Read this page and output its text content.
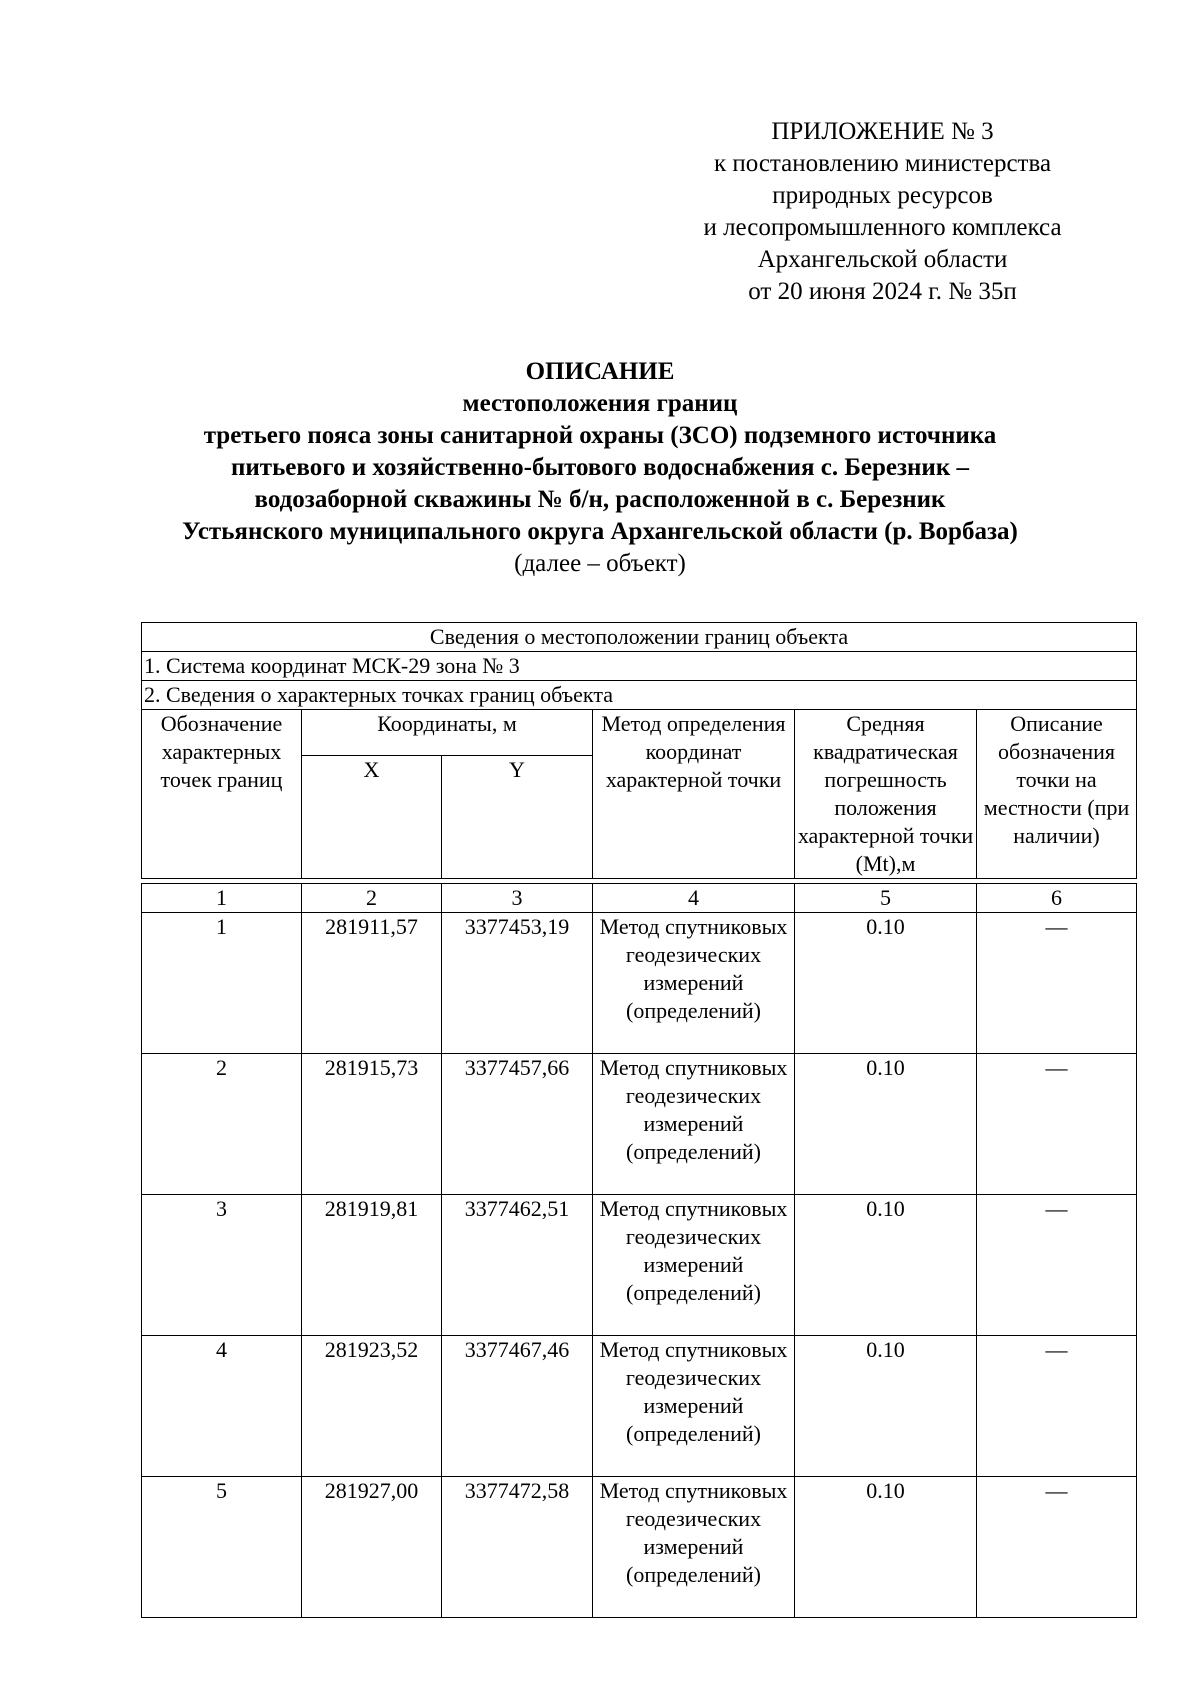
ПРИЛОЖЕНИЕ № 3
к постановлению министерства
природных ресурсов
и лесопромышленного комплекса
Архангельской области
от 20 июня 2024 г. № 35п
ОПИСАНИЕ
местоположения границ
третьего пояса зоны санитарной охраны (ЗСО) подземного источника
питьевого и хозяйственно-бытового водоснабжения с. Березник –
водозаборной скважины № б/н, расположенной в с. Березник
Устьянского муниципального округа Архангельской области (р. Ворбаза)
(далее – объект)
Сведения о местоположении границ объекта					
1. Система координат МСК-29 зона № 3					
2. Сведения о характерных точках границ объекта					
Обозначение характерных точек границ	Координаты, м		Метод определения координат характерной точки	Средняя квадратическая погрешность положения характерной точки (Mt),м	Описание обозначения точки на местности (при наличии)
	X	Y			
1	2	3	4	5	6
1	281911,57	3377453,19	Метод спутниковых геодезических измерений (определений)	0.10	—
2	281915,73	3377457,66	Метод спутниковых геодезических измерений (определений)	0.10	—
3	281919,81	3377462,51	Метод спутниковых геодезических измерений (определений)	0.10	—
4	281923,52	3377467,46	Метод спутниковых геодезических измерений (определений)	0.10	—
5	281927,00	3377472,58	Метод спутниковых геодезических измерений (определений)	0.10	—
